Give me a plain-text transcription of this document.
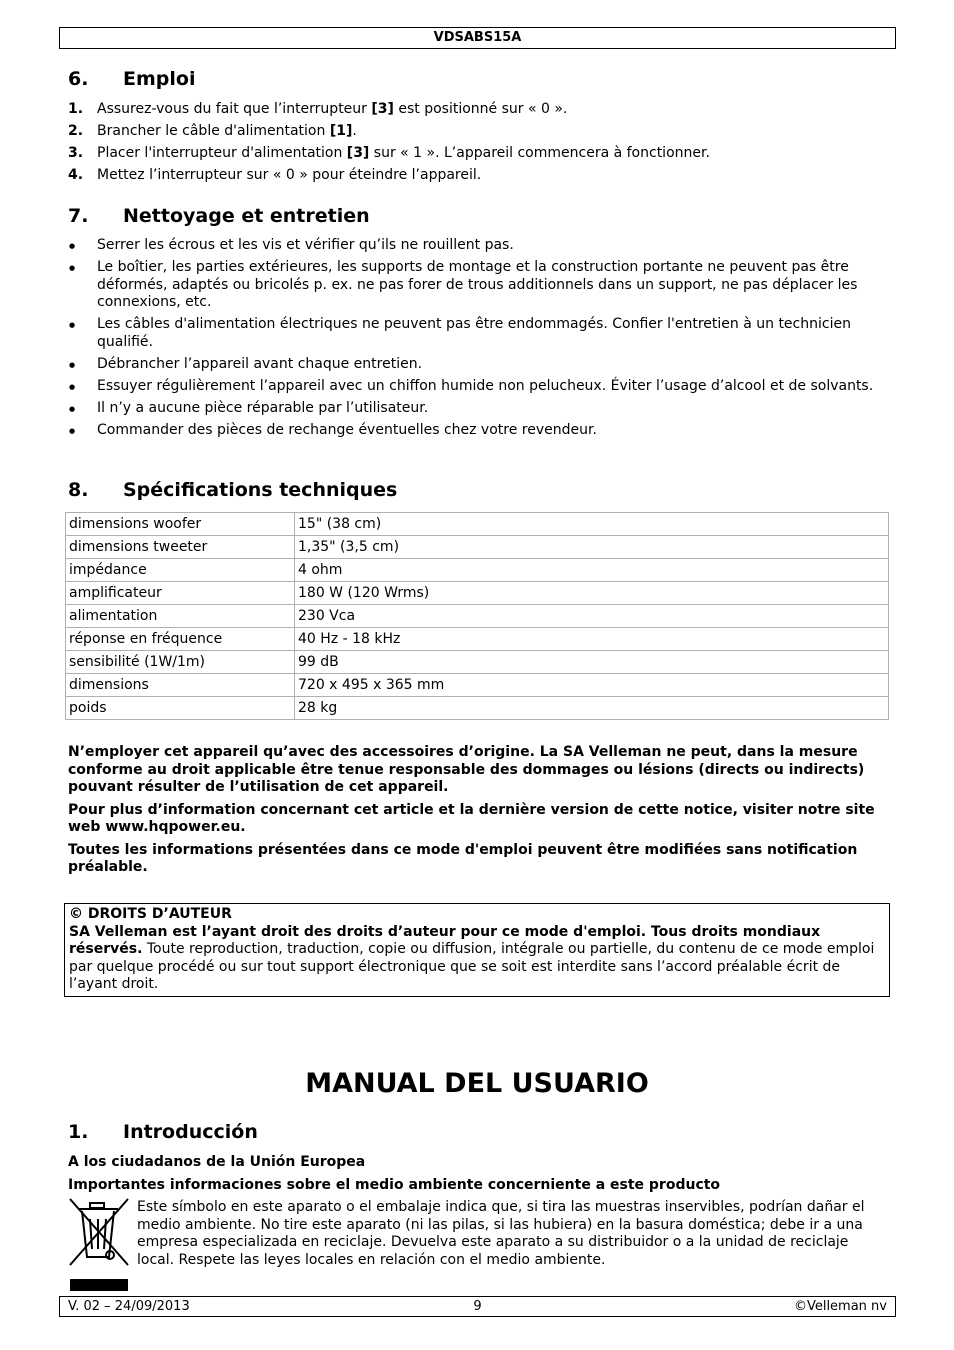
VDSABS15A
6. Emploi
1. Assurez-vous du fait que l’interrupteur [3] est positionné sur « 0 ».
2. Brancher le câble d'alimentation [1].
3. Placer l'interrupteur d'alimentation [3] sur « 1 ». L’appareil commencera à fonctionner.
4. Mettez l’interrupteur sur « 0 » pour éteindre l’appareil.
7. Nettoyage et entretien
● Serrer les écrous et les vis et vérifier qu’ils ne rouillent pas.
● Le boîtier, les parties extérieures, les supports de montage et la construction portante ne peuvent pas être déformés, adaptés ou bricolés p. ex. ne pas forer de trous additionnels dans un support, ne pas déplacer les connexions, etc.
● Les câbles d'alimentation électriques ne peuvent pas être endommagés. Confier l'entretien à un technicien qualifié.
● Débrancher l’appareil avant chaque entretien.
● Essuyer régulièrement l’appareil avec un chiffon humide non pelucheux. Éviter l’usage d’alcool et de solvants.
● Il n’y a aucune pièce réparable par l’utilisateur.
● Commander des pièces de rechange éventuelles chez votre revendeur.
8. Spécifications techniques
dimensions woofer	15" (38 cm)
dimensions tweeter	1,35" (3,5 cm)
impédance	4 ohm
amplificateur	180 W (120 Wrms)
alimentation	230 Vca
réponse en fréquence	40 Hz - 18 kHz
sensibilité (1W/1m)	99 dB
dimensions	720 x 495 x 365 mm
poids	28 kg

N’employer cet appareil qu’avec des accessoires d’origine. La SA Velleman ne peut, dans la mesure conforme au droit applicable être tenue responsable des dommages ou lésions (directs ou indirects) pouvant résulter de l’utilisation de cet appareil.

Pour plus d’information concernant cet article et la dernière version de cette notice, visiter notre site web www.hqpower.eu.

Toutes les informations présentées dans ce mode d'emploi peuvent être modifiées sans notification préalable.

© DROITS D’AUTEUR
SA Velleman est l’ayant droit des droits d’auteur pour ce mode d'emploi. Tous droits mondiaux réservés. Toute reproduction, traduction, copie ou diffusion, intégrale ou partielle, du contenu de ce mode emploi par quelque procédé ou sur tout support électronique que se soit est interdite sans l’accord préalable écrit de l’ayant droit.
MANUAL DEL USUARIO
1. Introducción
A los ciudadanos de la Unión Europea
Importantes informaciones sobre el medio ambiente concerniente a este producto
Este símbolo en este aparato o el embalaje indica que, si tira las muestras inservibles, podrían dañar el medio ambiente. No tire este aparato (ni las pilas, si las hubiera) en la basura doméstica; debe ir a una empresa especializada en reciclaje. Devuelva este aparato a su distribuidor o a la unidad de reciclaje local. Respete las leyes locales en relación con el medio ambiente.
V. 02 – 24/09/2013	9	©Velleman nv
